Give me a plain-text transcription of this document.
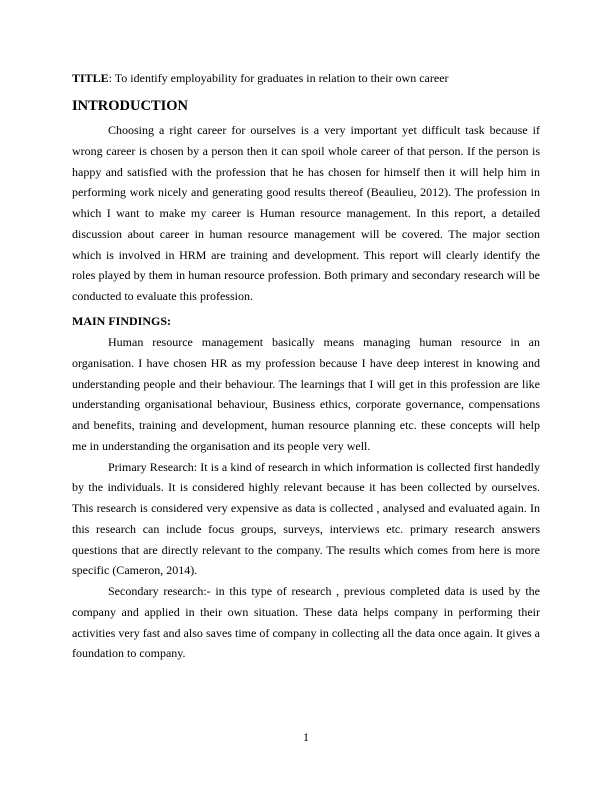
TITLE: To identify employability for graduates in relation to their own career
INTRODUCTION
Choosing a right career for ourselves is a very important yet difficult task because if
wrong career is chosen by a person then it can spoil whole career of that person. If the person is
happy and satisfied with the profession that he has chosen for himself then it will help him in
performing work nicely and generating good results thereof (Beaulieu, 2012). The profession in
which I want to make my career is Human resource management. In this report, a detailed
discussion about career in human resource management will be covered. The major section
which is involved in HRM are training and development. This report will clearly identify the
roles played by them in human resource profession. Both primary and secondary research will be
conducted to evaluate this profession.
MAIN FINDINGS:
Human resource management basically means managing human resource in an
organisation. I have chosen HR as my profession because I have deep interest in knowing and
understanding people and their behaviour. The learnings that I will get in this profession are like
understanding organisational behaviour, Business ethics, corporate governance, compensations
and benefits, training and development, human resource planning etc. these concepts will help
me in understanding the organisation and its people very well.
Primary Research: It is a kind of research in which information is collected first handedly
by the individuals. It is considered highly relevant because it has been collected by ourselves.
This research is considered very expensive as data is collected , analysed and evaluated again. In
this research can include focus groups, surveys, interviews etc. primary research answers
questions that are directly relevant to the company. The results which comes from here is more
specific (Cameron, 2014).
Secondary research:- in this type of research , previous completed data is used by the
company and applied in their own situation. These data helps company in performing their
activities very fast and also saves time of company in collecting all the data once again. It gives a
foundation to company.
1
